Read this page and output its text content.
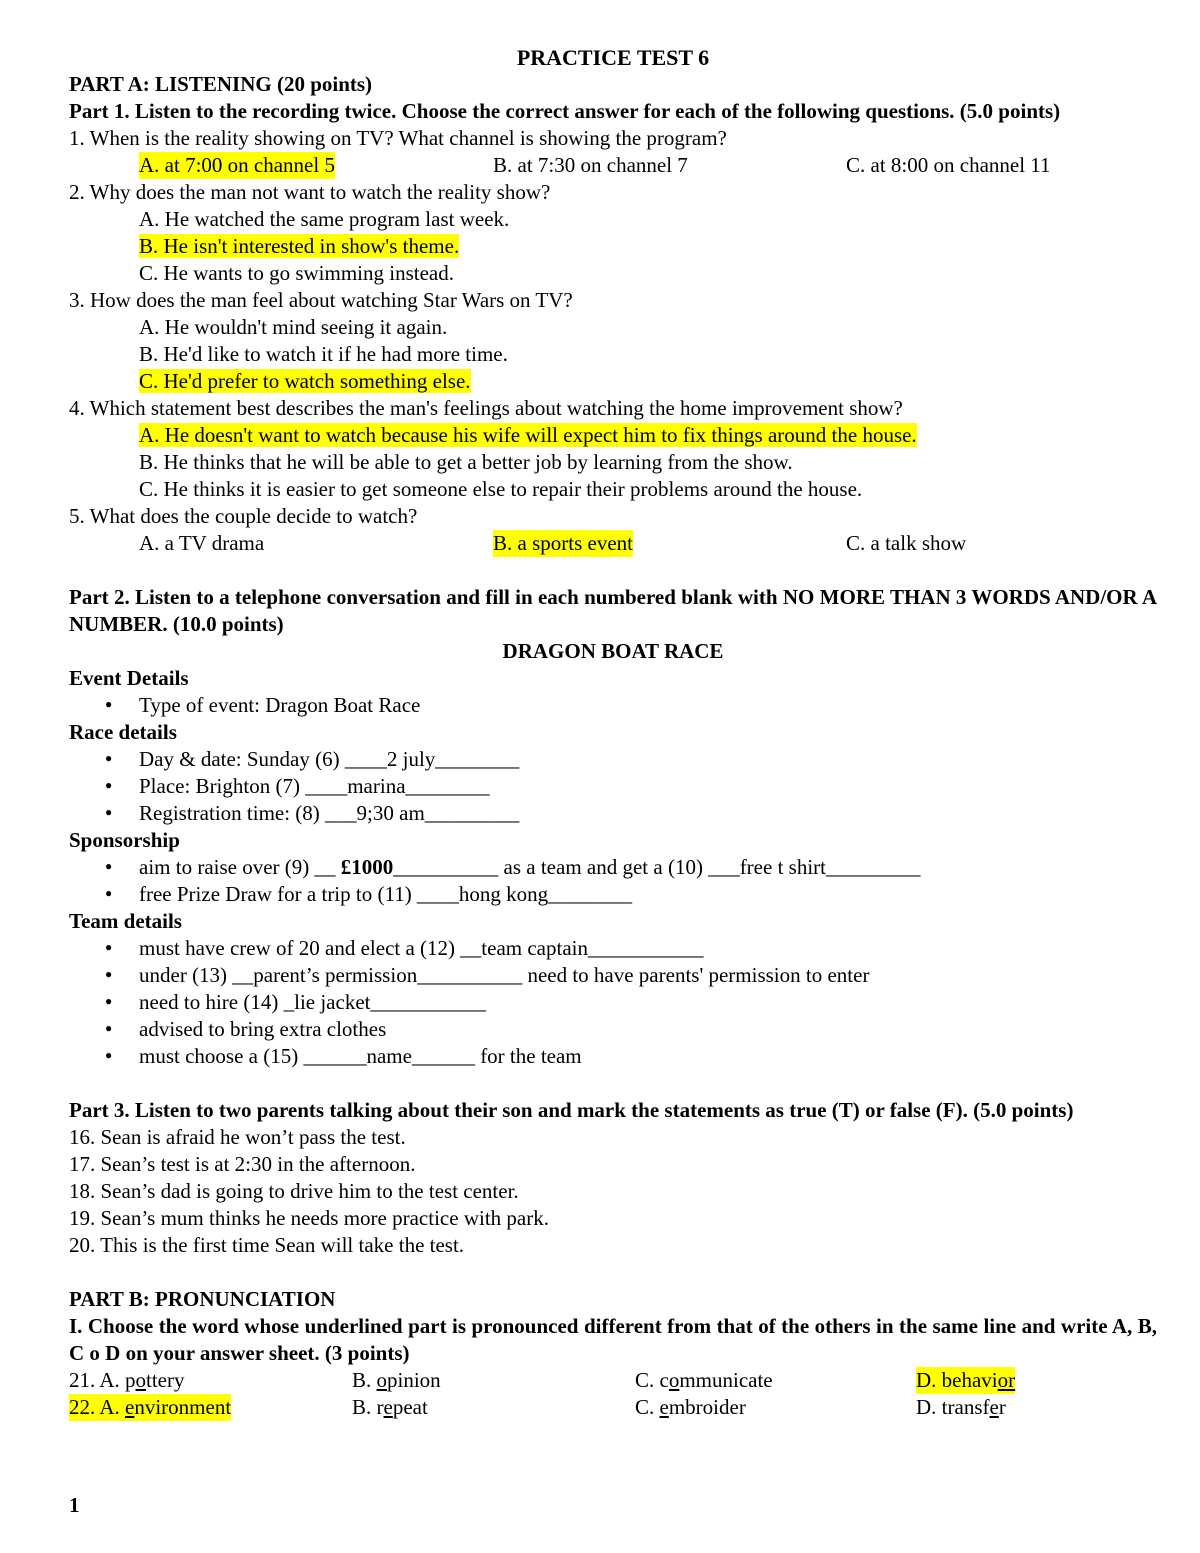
PRACTICE TEST 6
PART A: LISTENING (20 points)
Part 1. Listen to the recording twice. Choose the correct answer for each of the following questions. (5.0 points)
1. When is the reality showing on TV? What channel is showing the program?
A. at 7:00 on channel 5	B. at 7:30 on channel 7	C. at 8:00 on channel 11
2. Why does the man not want to watch the reality show?
A. He watched the same program last week.
B. He isn't interested in show's theme.
C. He wants to go swimming instead.
3. How does the man feel about watching Star Wars on TV?
A. He wouldn't mind seeing it again.
B. He'd like to watch it if he had more time.
C. He'd prefer to watch something else.
4. Which statement best describes the man's feelings about watching the home improvement show?
A. He doesn't want to watch because his wife will expect him to fix things around the house.
B. He thinks that he will be able to get a better job by learning from the show.
C. He thinks it is easier to get someone else to repair their problems around the house.
5. What does the couple decide to watch?
A. a TV drama	B. a sports event	C. a talk show
Part 2. Listen to a telephone conversation and fill in each numbered blank with NO MORE THAN 3 WORDS AND/OR A NUMBER. (10.0 points)
DRAGON BOAT RACE
Event Details
● Type of event: Dragon Boat Race
Race details
● Day & date: Sunday (6) ____2 july________
● Place: Brighton (7) ____marina________
● Registration time: (8) ___9;30 am_________
Sponsorship
● aim to raise over (9) __ £1000__________ as a team and get a (10) ___free t shirt_________
● free Prize Draw for a trip to (11) ____hong kong________
Team details
● must have crew of 20 and elect a (12) __team captain___________
● under (13) __parent’s permission__________ need to have parents' permission to enter
● need to hire (14) _lie jacket___________
● advised to bring extra clothes
● must choose a (15) ______name______ for the team
Part 3. Listen to two parents talking about their son and mark the statements as true (T) or false (F). (5.0 points)
16. Sean is afraid he won’t pass the test.
17. Sean’s test is at 2:30 in the afternoon.
18. Sean’s dad is going to drive him to the test center.
19. Sean’s mum thinks he needs more practice with park.
20. This is the first time Sean will take the test.
PART B: PRONUNCIATION
I. Choose the word whose underlined part is pronounced different from that of the others in the same line and write A, B, C o D on your answer sheet. (3 points)
21. A. pottery	B. opinion	C. communicate	D. behavior
22. A. environment	B. repeat	C. embroider	D. transfer
1
